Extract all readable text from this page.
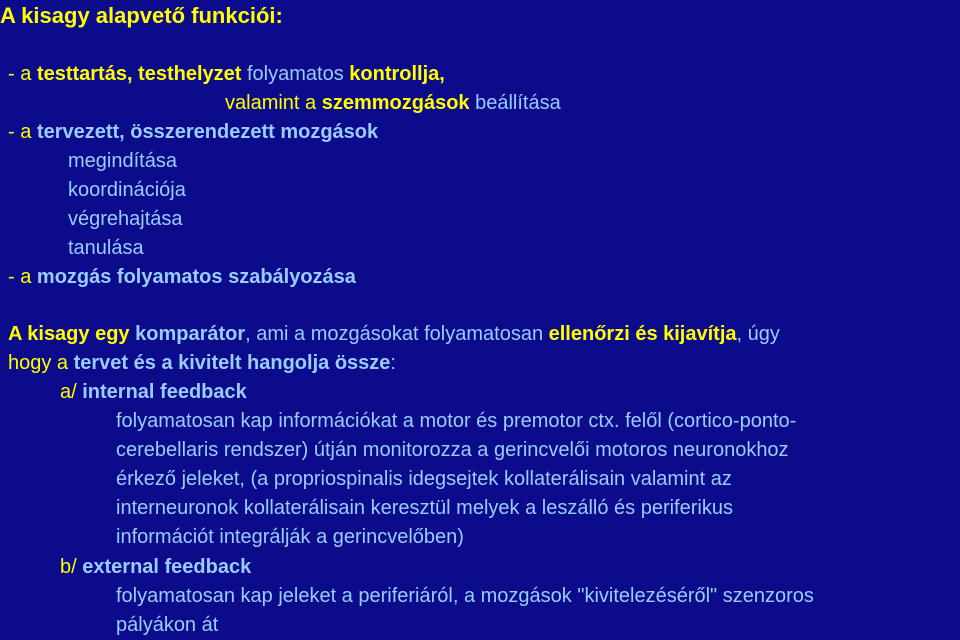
A kisagy alapvető funkciói:
- a testtartás, testhelyzet folyamatos kontrollja,
valamint a szemmozgások beállítása
- a tervezett, összerendezett mozgások
megindítása
koordinációja
végrehajtása
tanulása
- a mozgás folyamatos szabályozása
A kisagy egy komparátor, ami a mozgásokat folyamatosan ellenőrzi és kijavítja, úgy
hogy a tervet és a kivitelt hangolja össze:
a/ internal feedback
folyamatosan kap információkat a motor és premotor ctx. felől (cortico-ponto-
cerebellaris rendszer) útján monitorozza a gerincvelői motoros neuronokhoz
érkező jeleket, (a propriospinalis idegsejtek kollaterálisain valamint az
interneuronok kollaterálisain keresztül melyek a leszálló és periferikus
információt integrálják a gerincvelőben)
b/ external feedback
folyamatosan kap jeleket a periferiáról, a mozgások "kivitelezéséről" szenzoros
pályákon át
